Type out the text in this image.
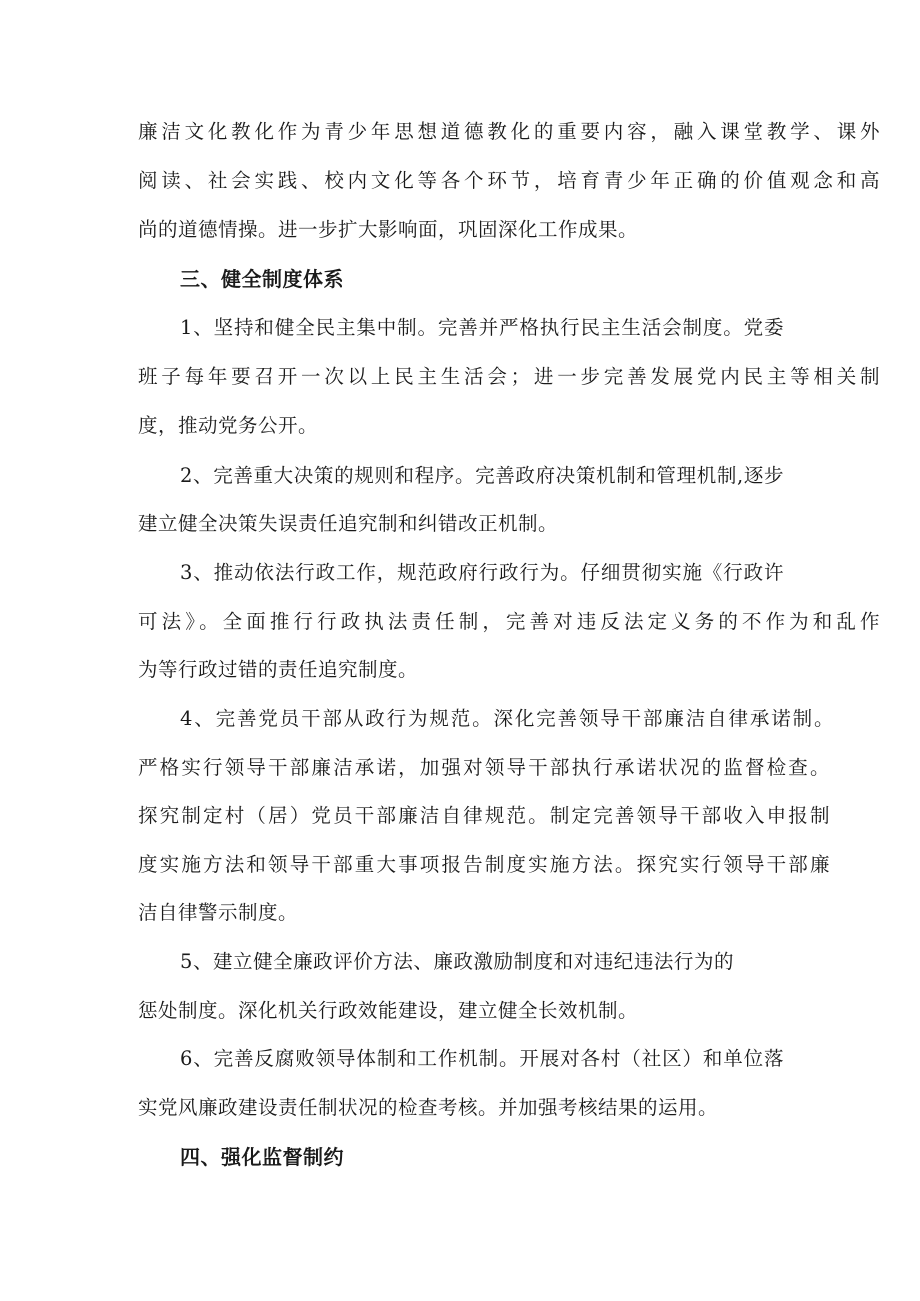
廉洁文化教化作为青少年思想道德教化的重要内容，融入课堂教学、课外
阅读、社会实践、校内文化等各个环节，培育青少年正确的价值观念和高
尚的道德情操。进一步扩大影响面，巩固深化工作成果。
三、健全制度体系
1、坚持和健全民主集中制。完善并严格执行民主生活会制度。党委
班子每年要召开一次以上民主生活会；进一步完善发展党内民主等相关制
度，推动党务公开。
2、完善重大决策的规则和程序。完善政府决策机制和管理机制,逐步
建立健全决策失误责任追究制和纠错改正机制。
3、推动依法行政工作，规范政府行政行为。仔细贯彻实施《行政许
可法》。全面推行行政执法责任制，完善对违反法定义务的不作为和乱作
为等行政过错的责任追究制度。
4、完善党员干部从政行为规范。深化完善领导干部廉洁自律承诺制。
严格实行领导干部廉洁承诺，加强对领导干部执行承诺状况的监督检查。
探究制定村（居）党员干部廉洁自律规范。制定完善领导干部收入申报制
度实施方法和领导干部重大事项报告制度实施方法。探究实行领导干部廉
洁自律警示制度。
5、建立健全廉政评价方法、廉政激励制度和对违纪违法行为的
惩处制度。深化机关行政效能建设，建立健全长效机制。
6、完善反腐败领导体制和工作机制。开展对各村（社区）和单位落
实党风廉政建设责任制状况的检查考核。并加强考核结果的运用。
四、强化监督制约
